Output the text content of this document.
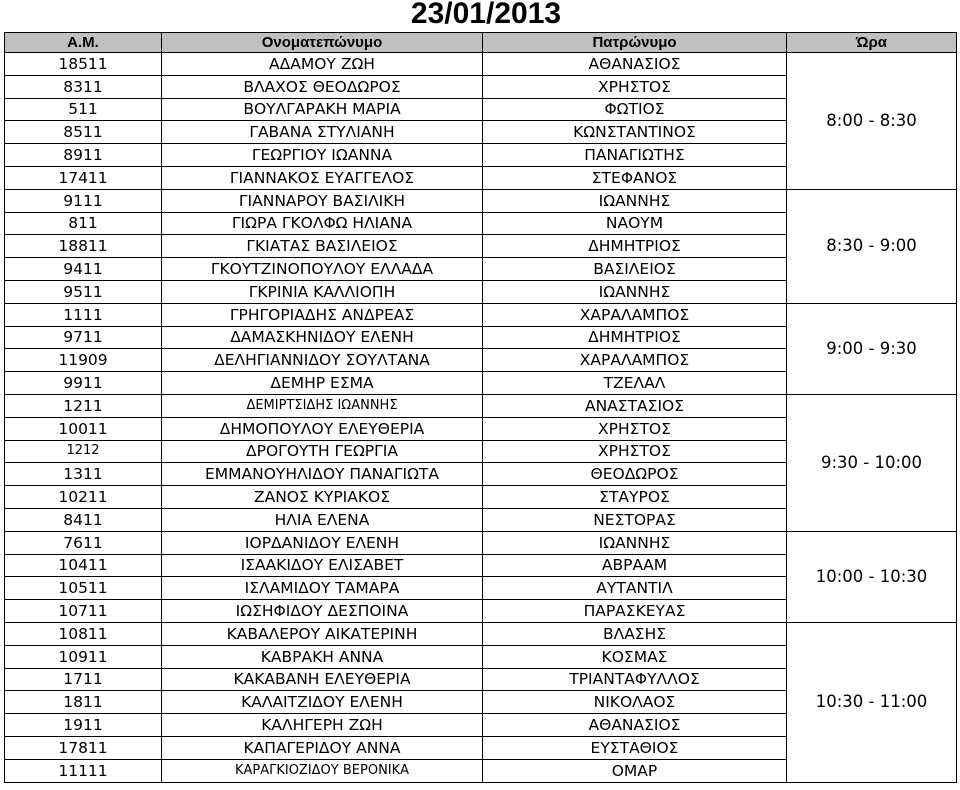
23/01/2013
Α.Μ.	Ονοματεπώνυμο	Πατρώνυμο	Ώρα
18511	ΑΔΑΜΟΥ ΖΩΗ	ΑΘΑΝΑΣΙΟΣ	8:00 - 8:30
8311	ΒΛΑΧΟΣ ΘΕΟΔΩΡΟΣ	ΧΡΗΣΤΟΣ	
511	ΒΟΥΛΓΑΡΑΚΗ ΜΑΡΙΑ	ΦΩΤΙΟΣ	
8511	ΓΑΒΑΝΑ ΣΤΥΛΙΑΝΗ	ΚΩΝΣΤΑΝΤΙΝΟΣ	
8911	ΓΕΩΡΓΙΟΥ ΙΩΑΝΝΑ	ΠΑΝΑΓΙΩΤΗΣ	
17411	ΓΙΑΝΝΑΚΟΣ ΕΥΑΓΓΕΛΟΣ	ΣΤΕΦΑΝΟΣ	
9111	ΓΙΑΝΝΑΡΟΥ ΒΑΣΙΛΙΚΗ	ΙΩΑΝΝΗΣ	8:30 - 9:00
811	ΓΙΩΡΑ ΓΚΟΛΦΩ ΗΛΙΑΝΑ	ΝΑΟΥΜ	
18811	ΓΚΙΑΤΑΣ ΒΑΣΙΛΕΙΟΣ	ΔΗΜΗΤΡΙΟΣ	
9411	ΓΚΟΥΤΖΙΝΟΠΟΥΛΟΥ ΕΛΛΑΔΑ	ΒΑΣΙΛΕΙΟΣ	
9511	ΓΚΡΙΝΙΑ ΚΑΛΛΙΟΠΗ	ΙΩΑΝΝΗΣ	
1111	ΓΡΗΓΟΡΙΑΔΗΣ ΑΝΔΡΕΑΣ	ΧΑΡΑΛΑΜΠΟΣ	9:00 - 9:30
9711	ΔΑΜΑΣΚΗΝΙΔΟΥ ΕΛΕΝΗ	ΔΗΜΗΤΡΙΟΣ	
11909	ΔΕΛΗΓΙΑΝΝΙΔΟΥ ΣΟΥΛΤΑΝΑ	ΧΑΡΑΛΑΜΠΟΣ	
9911	ΔΕΜΗΡ ΕΣΜΑ	ΤΖΕΛΑΛ	
1211	ΔΕΜΙΡΤΣΙΔΗΣ ΙΩΑΝΝΗΣ	ΑΝΑΣΤΑΣΙΟΣ	9:30 - 10:00
10011	ΔΗΜΟΠΟΥΛΟΥ ΕΛΕΥΘΕΡΙΑ	ΧΡΗΣΤΟΣ	
1212	ΔΡΟΓΟΥΤΗ ΓΕΩΡΓΙΑ	ΧΡΗΣΤΟΣ	
1311	ΕΜΜΑΝΟΥΗΛΙΔΟΥ ΠΑΝΑΓΙΩΤΑ	ΘΕΟΔΩΡΟΣ	
10211	ΖΑΝΟΣ ΚΥΡΙΑΚΟΣ	ΣΤΑΥΡΟΣ	
8411	ΗΛΙΑ ΕΛΕΝΑ	ΝΕΣΤΟΡΑΣ	
7611	ΙΟΡΔΑΝΙΔΟΥ ΕΛΕΝΗ	ΙΩΑΝΝΗΣ	10:00 - 10:30
10411	ΙΣΑΑΚΙΔΟΥ ΕΛΙΣΑΒΕΤ	ΑΒΡΑΑΜ	
10511	ΙΣΛΑΜΙΔΟΥ ΤΑΜΑΡΑ	ΑΥΤΑΝΤΙΛ	
10711	ΙΩΣΗΦΙΔΟΥ ΔΕΣΠΟΙΝΑ	ΠΑΡΑΣΚΕΥΑΣ	
10811	ΚΑΒΑΛΕΡΟΥ ΑΙΚΑΤΕΡΙΝΗ	ΒΛΑΣΗΣ	10:30 - 11:00
10911	ΚΑΒΡΑΚΗ ΑΝΝΑ	ΚΟΣΜΑΣ	
1711	ΚΑΚΑΒΑΝΗ ΕΛΕΥΘΕΡΙΑ	ΤΡΙΑΝΤΑΦΥΛΛΟΣ	
1811	ΚΑΛΑΙΤΖΙΔΟΥ ΕΛΕΝΗ	ΝΙΚΟΛΑΟΣ	
1911	ΚΑΛΗΓΕΡΗ ΖΩΗ	ΑΘΑΝΑΣΙΟΣ	
17811	ΚΑΠΑΓΕΡΙΔΟΥ ΑΝΝΑ	ΕΥΣΤΑΘΙΟΣ	
11111	ΚΑΡΑΓΚΙΟΖΙΔΟΥ ΒΕΡΟΝΙΚΑ	ΟΜΑΡ	
